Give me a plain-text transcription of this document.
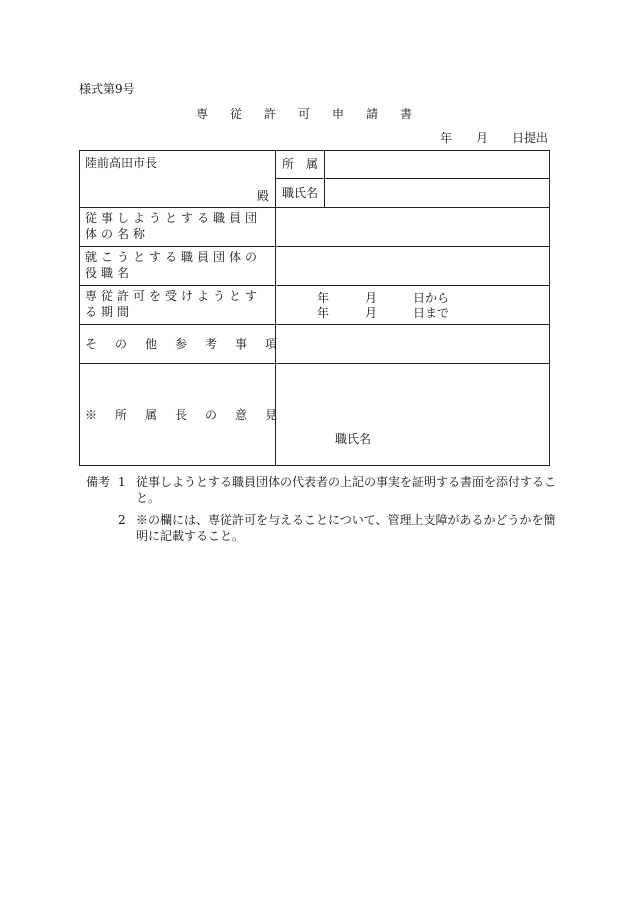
様式第9号
専従許可申請書
年　　月　　日提出
陸前高田市長
殿
所　属
職氏名
従事しようとする職員団体の名称
就こうとする職員団体の役職名
専従許可を受けようとする期間
年　　　月　　　日から
年　　　月　　　日まで
その他参考事項
※所属長の意見
職氏名
備考 1 従事しようとする職員団体の代表者の上記の事実を証明する書面を添付すること。
2 ※の欄には、専従許可を与えることについて、管理上支障があるかどうかを簡明に記載すること。
